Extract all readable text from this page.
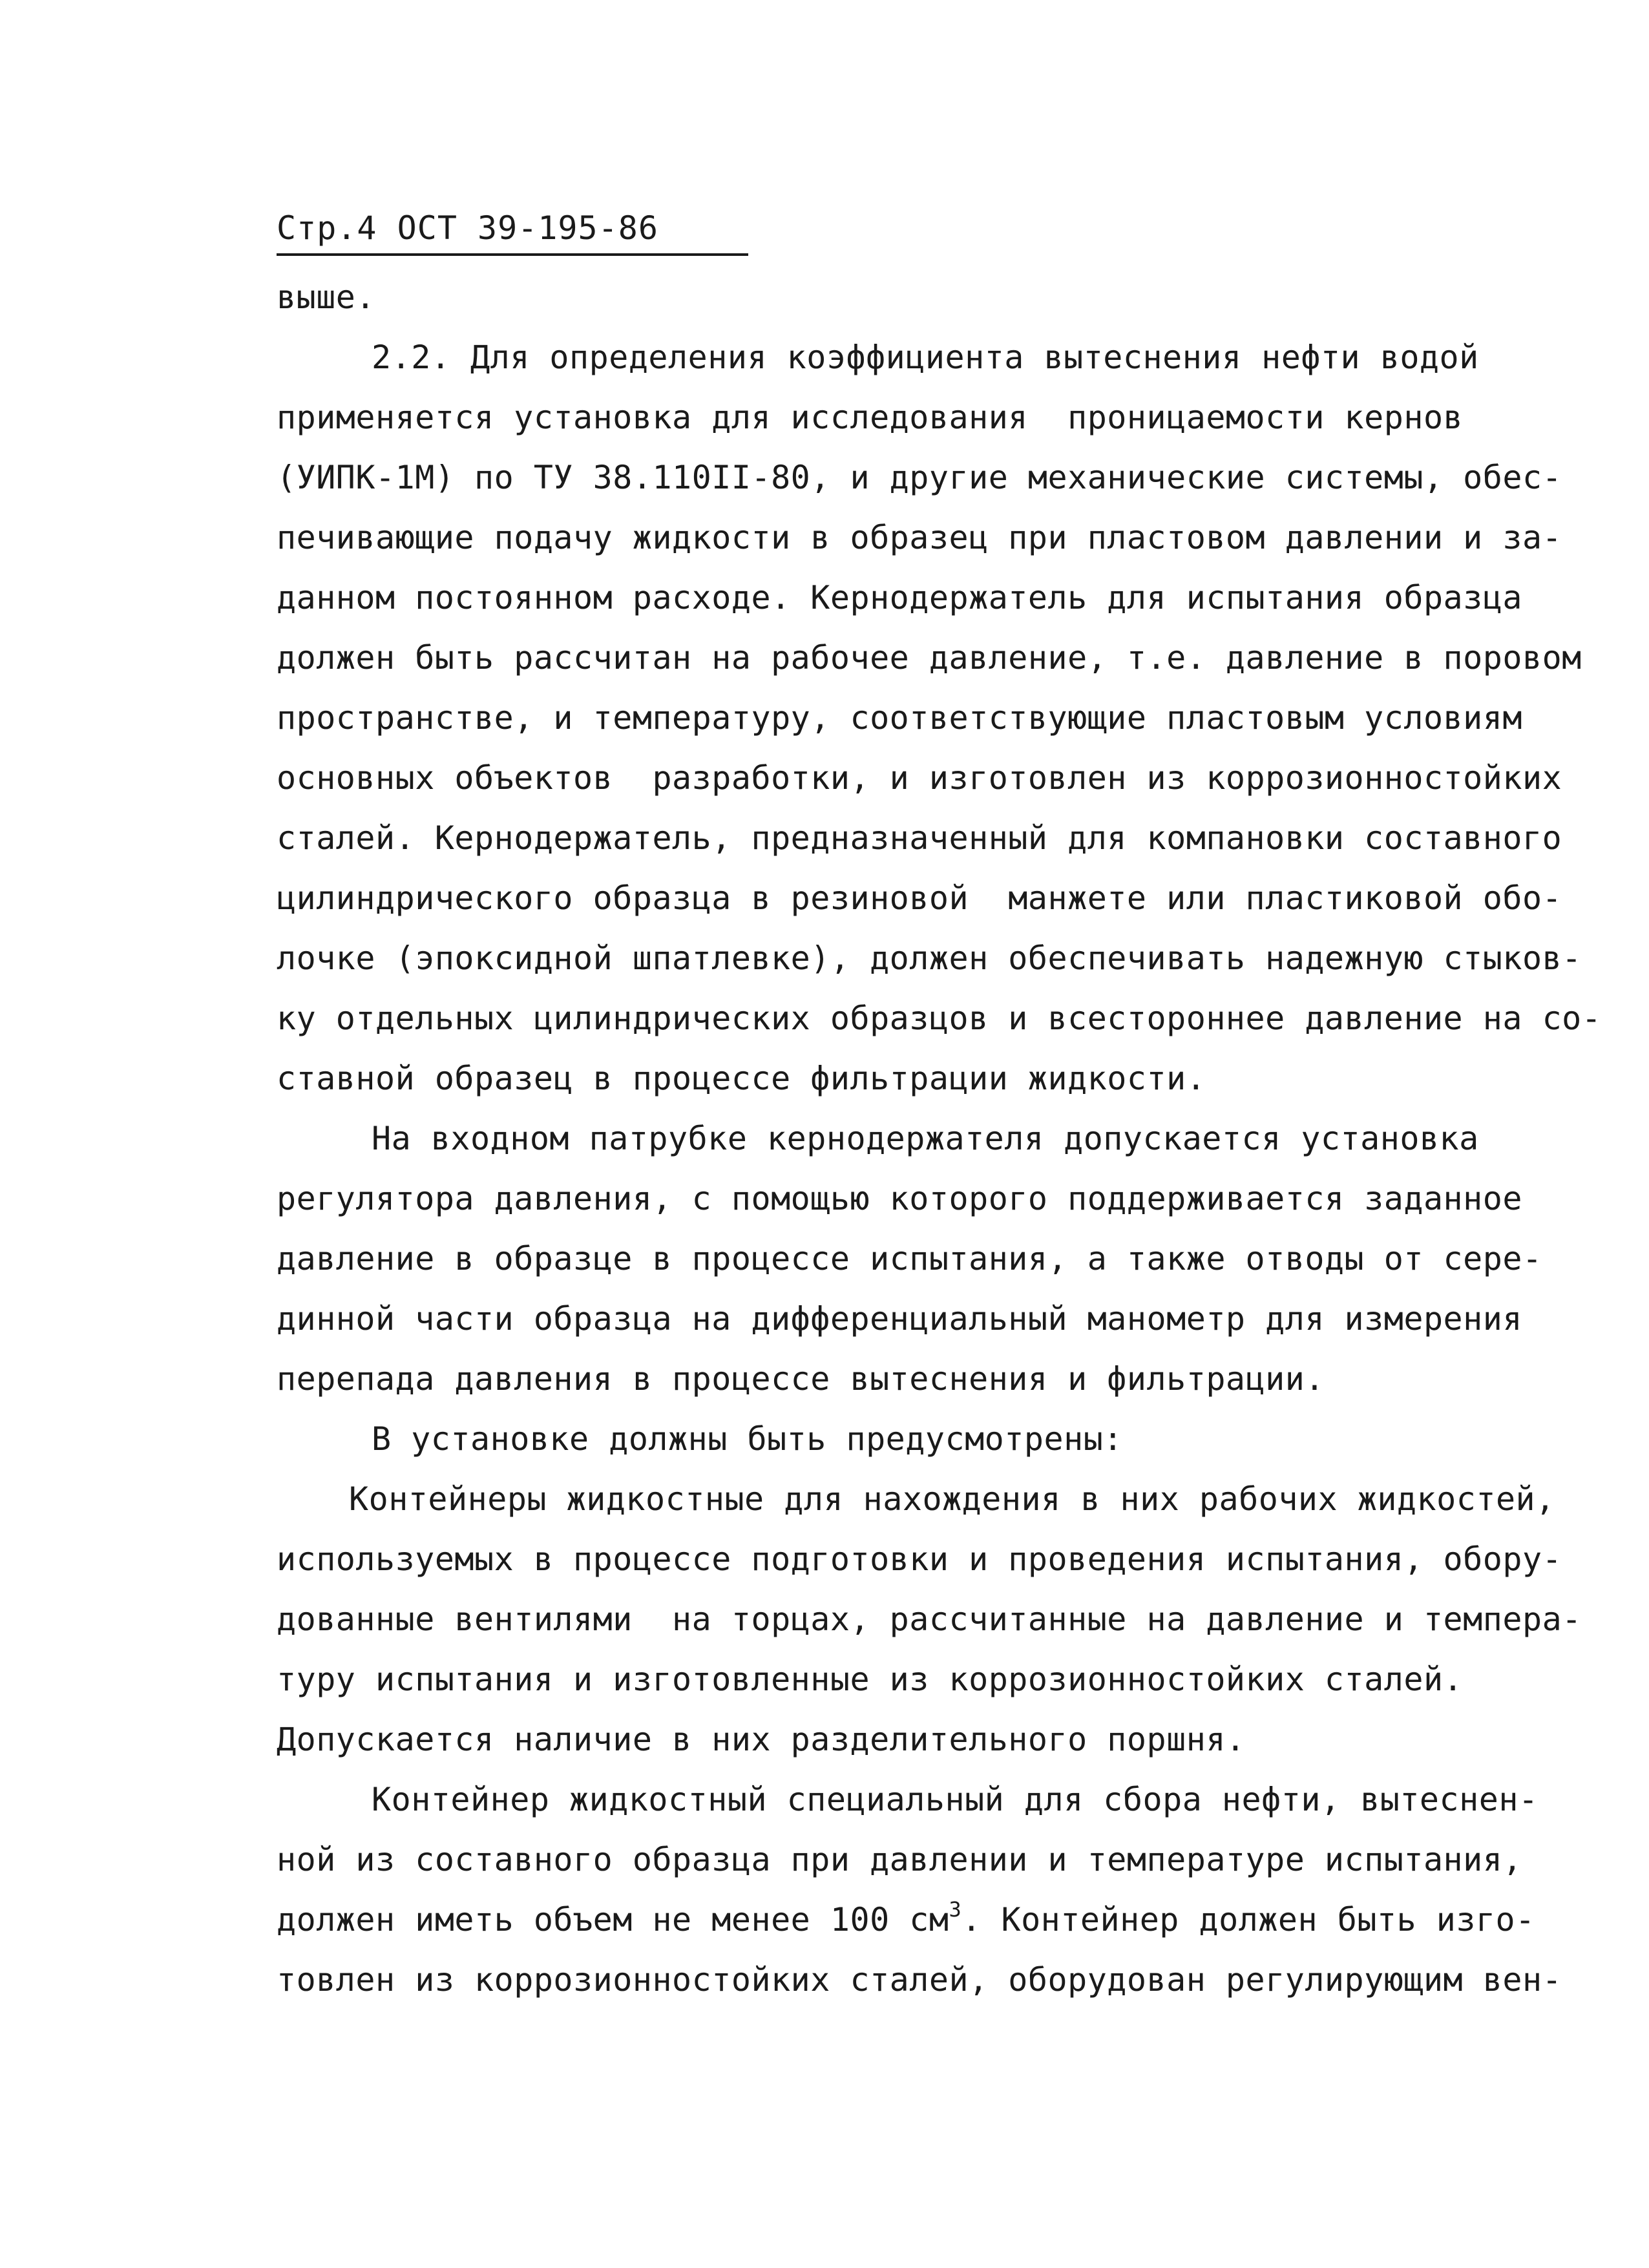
Стр.4 ОСТ 39-195-86
выше.
2.2. Для определения коэффициента вытеснения нефти водой
применяется установка для исследования  проницаемости кернов
(УИПК-1М) по ТУ 38.110II-80, и другие механические системы, обес-
печивающие подачу жидкости в образец при пластовом давлении и за-
данном постоянном расходе. Кернодержатель для испытания образца
должен быть рассчитан на рабочее давление, т.е. давление в поровом
пространстве, и температуру, соответствующие пластовым условиям
основных объектов  разработки, и изготовлен из коррозионностойких
сталей. Кернодержатель, предназначенный для компановки составного
цилиндрического образца в резиновой  манжете или пластиковой обо-
лочке (эпоксидной шпатлевке), должен обеспечивать надежную стыков-
ку отдельных цилиндрических образцов и всестороннее давление на со-
ставной образец в процессе фильтрации жидкости.
На входном патрубке кернодержателя допускается установка
регулятора давления, с помощью которого поддерживается заданное
давление в образце в процессе испытания, а также отводы от сере-
динной части образца на дифференциальный манометр для измерения
перепада давления в процессе вытеснения и фильтрации.
В установке должны быть предусмотрены:
Контейнеры жидкостные для нахождения в них рабочих жидкостей,
используемых в процессе подготовки и проведения испытания, обору-
дованные вентилями  на торцах, рассчитанные на давление и темпера-
туру испытания и изготовленные из коррозионностойких сталей.
Допускается наличие в них разделительного поршня.
Контейнер жидкостный специальный для сбора нефти, вытеснен-
ной из составного образца при давлении и температуре испытания,
должен иметь объем не менее 100 $см^3$. Контейнер должен быть изго-
товлен из коррозионностойких сталей, оборудован регулирующим вен-
